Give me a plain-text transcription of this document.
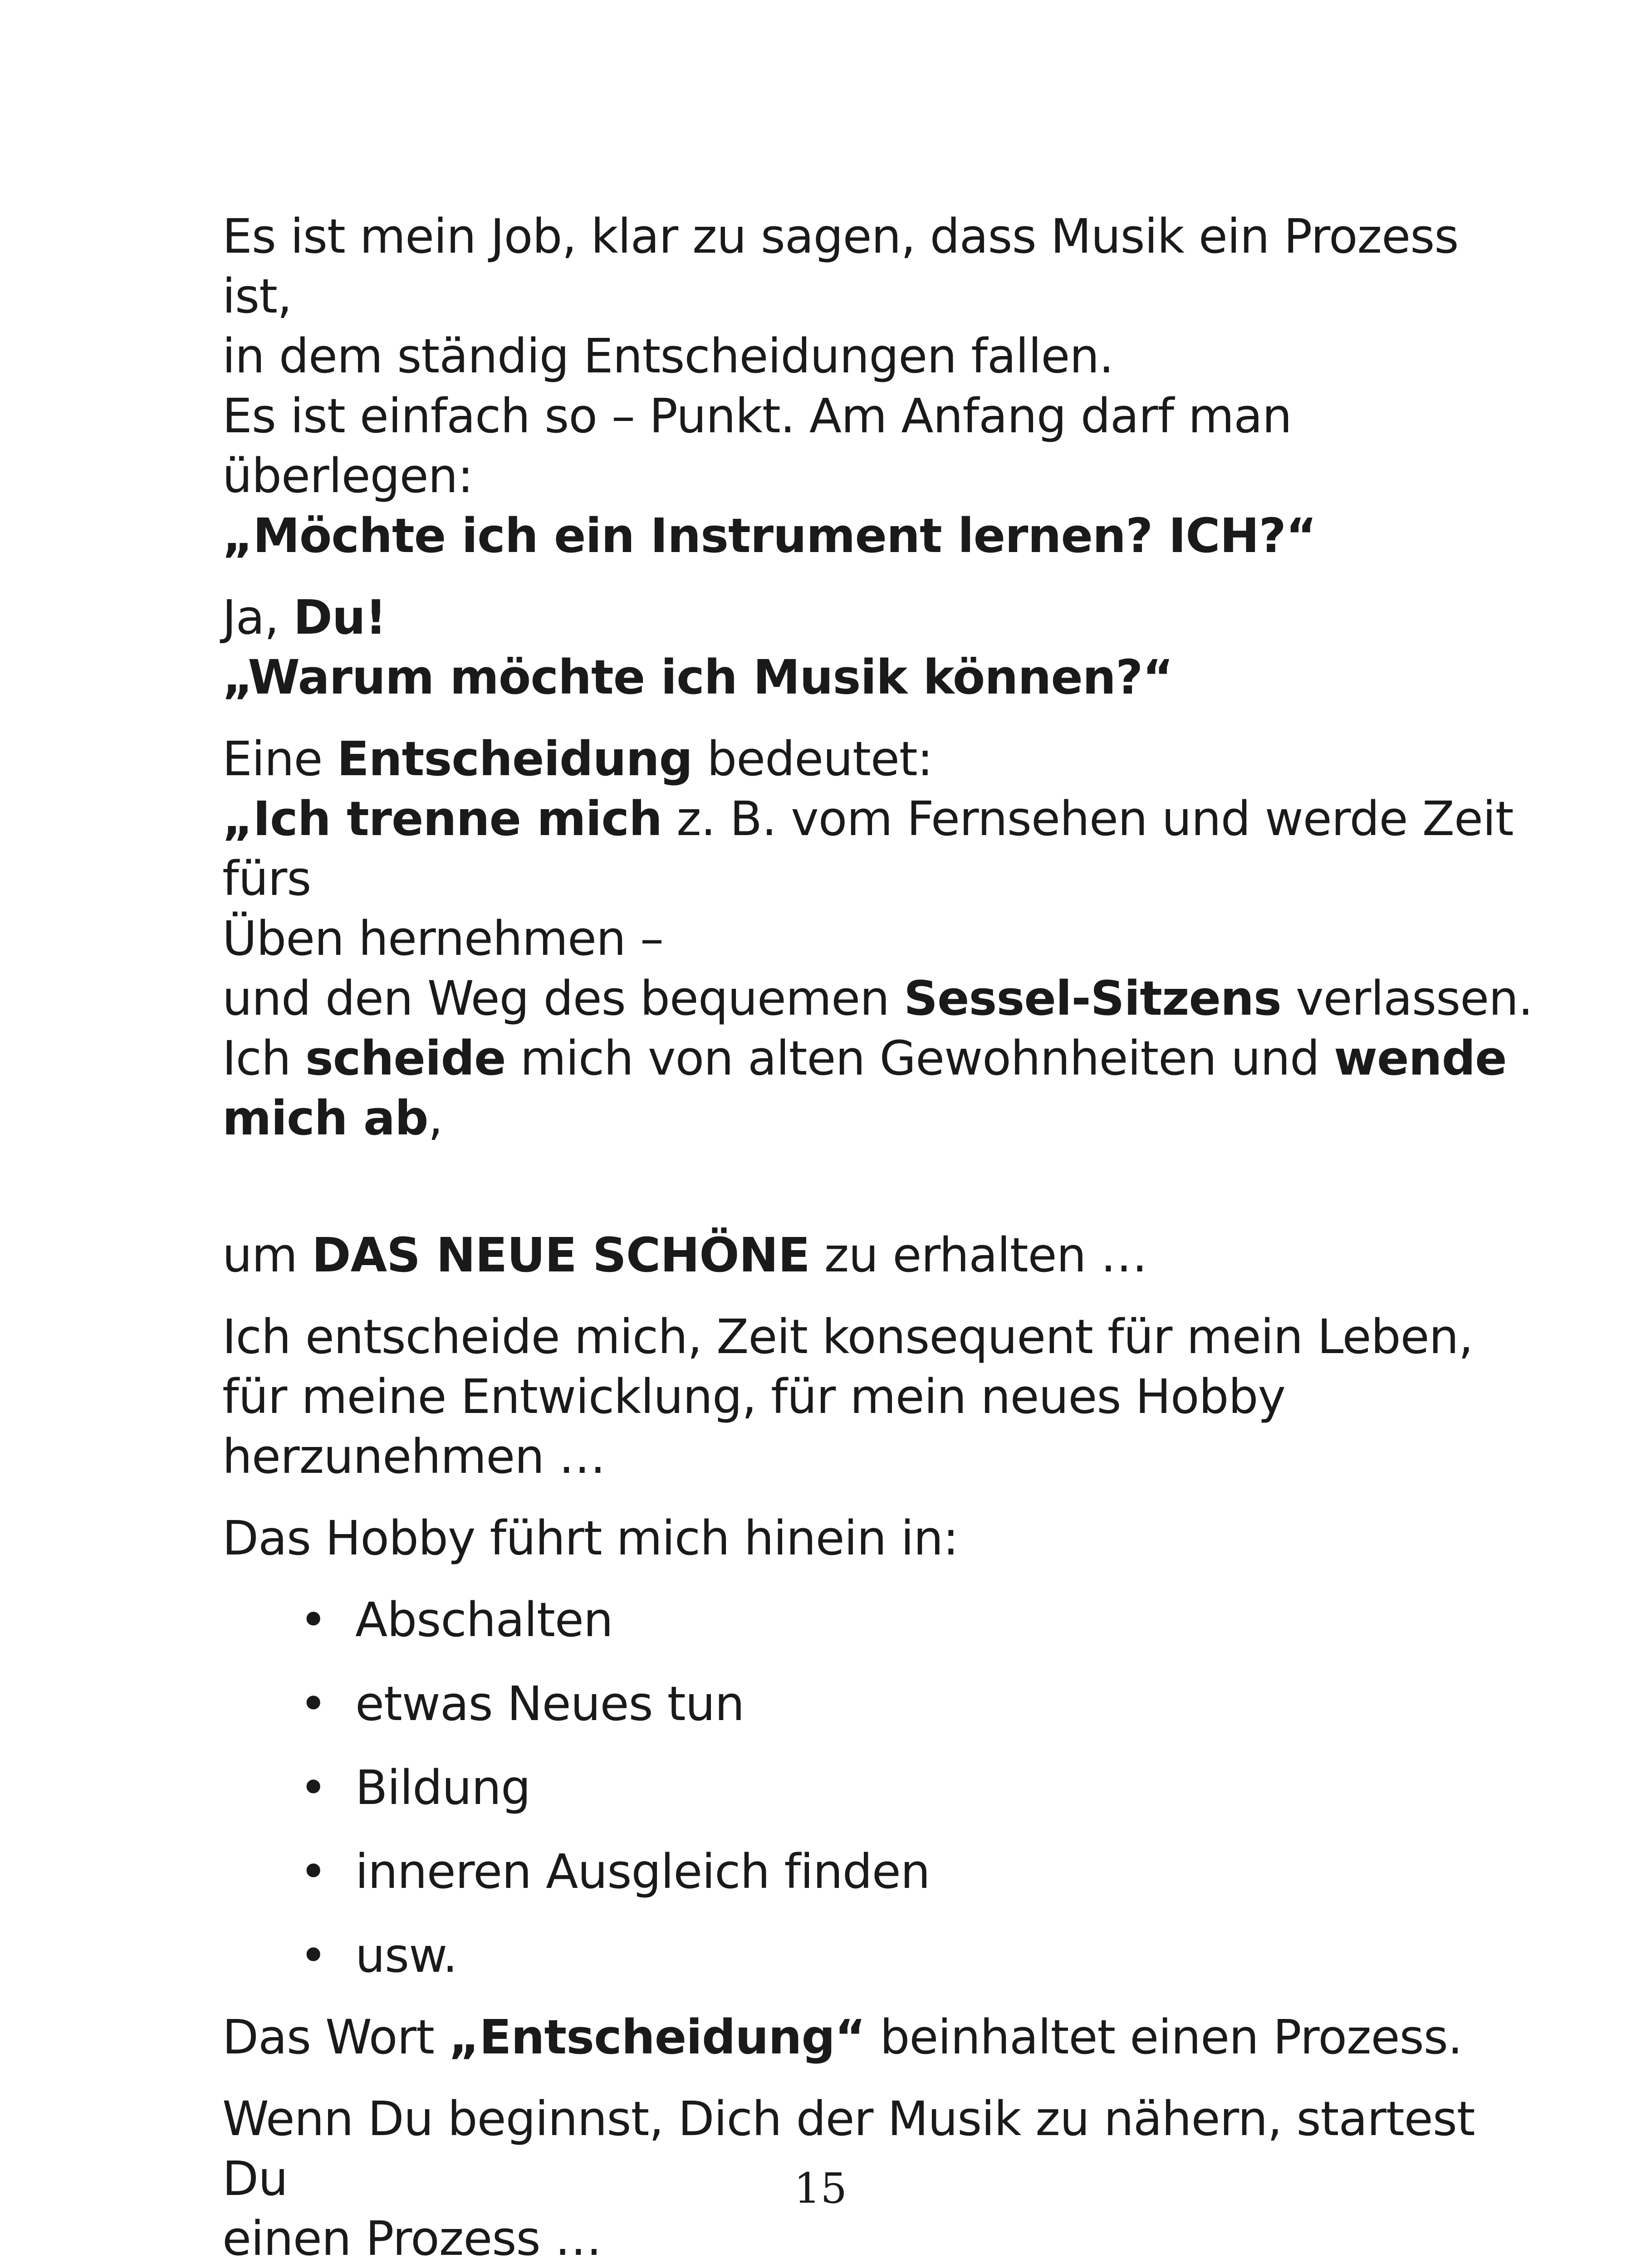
Es ist mein Job, klar zu sagen, dass Musik ein Prozess ist,
in dem ständig Entscheidungen fallen.
Es ist einfach so – Punkt. Am Anfang darf man überlegen:
„Möchte ich ein Instrument lernen? ICH?“

Ja, Du!
„Warum möchte ich Musik können?“

Eine Entscheidung bedeutet:
„Ich trenne mich z. B. vom Fernsehen und werde Zeit fürs
Üben hernehmen –
und den Weg des bequemen Sessel-Sitzens verlassen.
Ich scheide mich von alten Gewohnheiten und wende
mich ab,

um DAS NEUE SCHÖNE zu erhalten …

Ich entscheide mich, Zeit konsequent für mein Leben,
für meine Entwicklung, für mein neues Hobby
herzunehmen …

Das Hobby führt mich hinein in:

• Abschalten
• etwas Neues tun
• Bildung
• inneren Ausgleich finden
• usw.

Das Wort „Entscheidung“ beinhaltet einen Prozess.

Wenn Du beginnst, Dich der Musik zu nähern, startest Du
einen Prozess …

15
